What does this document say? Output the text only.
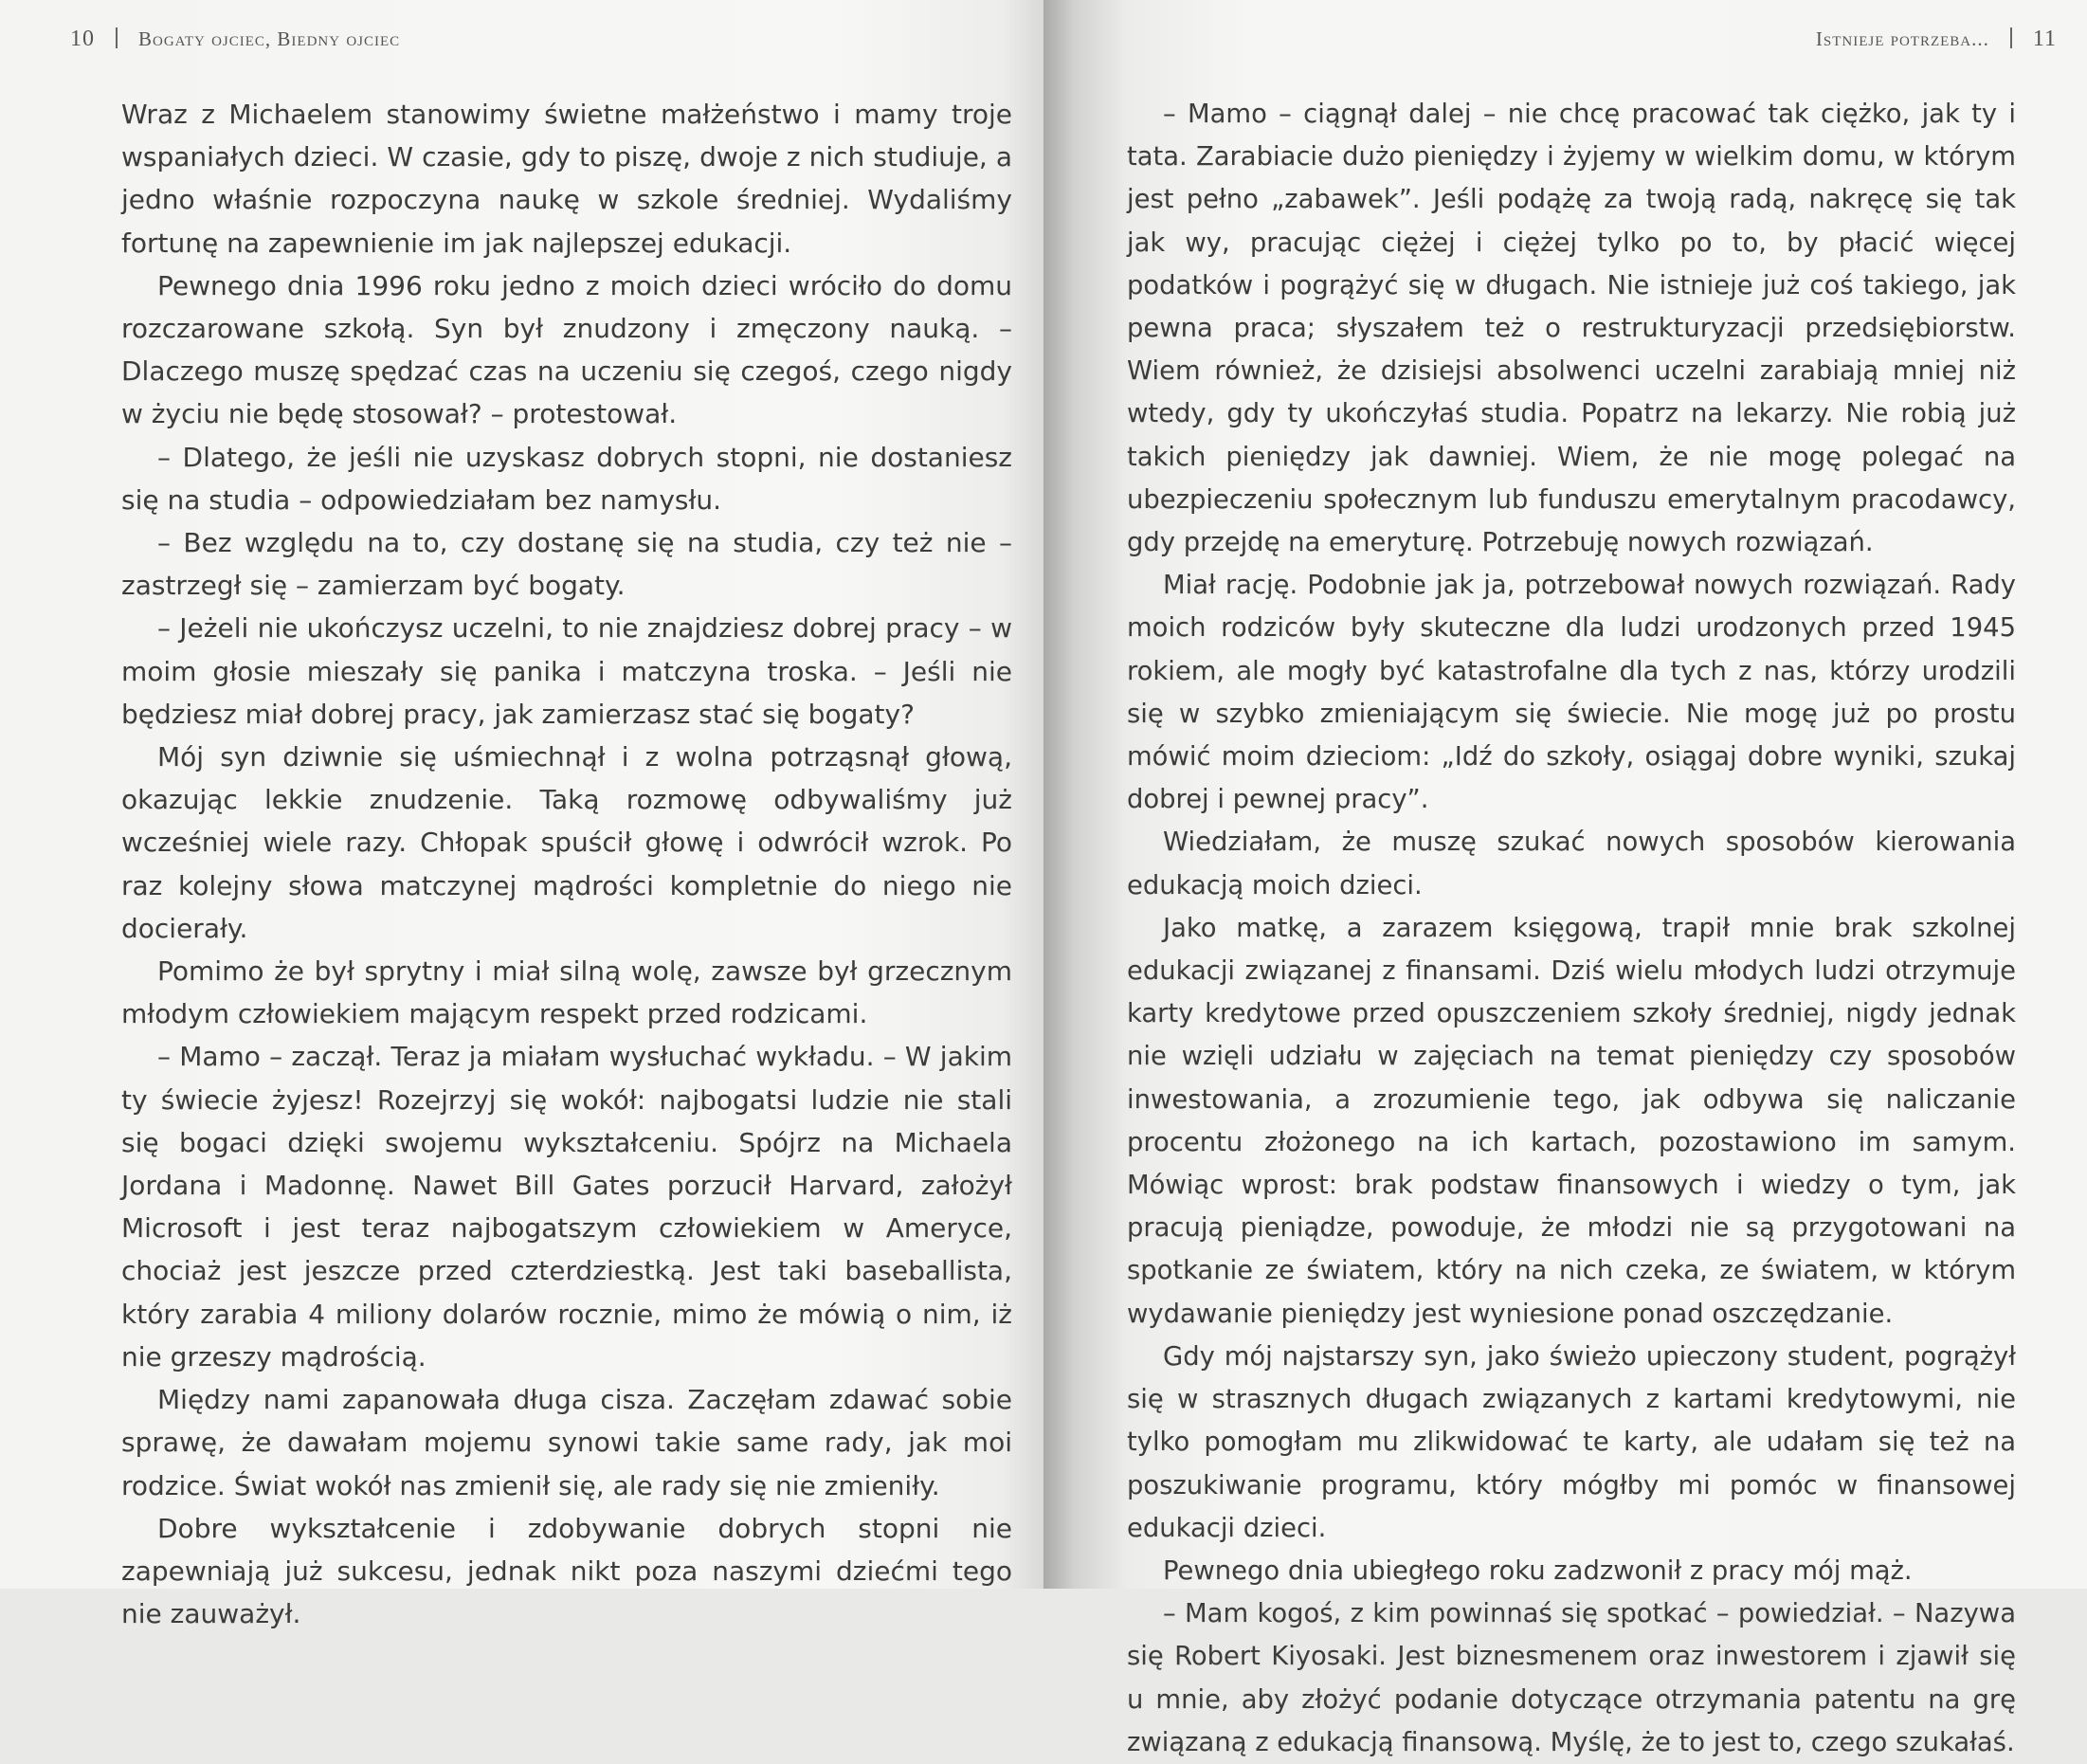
10 Bogaty ojciec, Biedny ojciec

Wraz z Michaelem stanowimy świetne małżeństwo i mamy troje wspaniałych dzieci. W czasie, gdy to piszę, dwoje z nich studiuje, a jedno właśnie rozpoczyna naukę w szkole średniej. Wydaliśmy fortunę na zapewnienie im jak najlepszej edukacji.

Pewnego dnia 1996 roku jedno z moich dzieci wróciło do domu rozczarowane szkołą. Syn był znudzony i zmęczony nauką. – Dlaczego muszę spędzać czas na uczeniu się czegoś, czego nigdy w życiu nie będę stosował? – protestował.

– Dlatego, że jeśli nie uzyskasz dobrych stopni, nie dostaniesz się na studia – odpowiedziałam bez namysłu.

– Bez względu na to, czy dostanę się na studia, czy też nie – zastrzegł się – zamierzam być bogaty.

– Jeżeli nie ukończysz uczelni, to nie znajdziesz dobrej pracy – w moim głosie mieszały się panika i matczyna troska. – Jeśli nie będziesz miał dobrej pracy, jak zamierzasz stać się bogaty?

Mój syn dziwnie się uśmiechnął i z wolna potrząsnął głową, okazując lekkie znudzenie. Taką rozmowę odbywaliśmy już wcześniej wiele razy. Chłopak spuścił głowę i odwrócił wzrok. Po raz kolejny słowa matczynej mądrości kompletnie do niego nie docierały.

Pomimo że był sprytny i miał silną wolę, zawsze był grzecznym młodym człowiekiem mającym respekt przed rodzicami.

– Mamo – zaczął. Teraz ja miałam wysłuchać wykładu. – W jakim ty świecie żyjesz! Rozejrzyj się wokół: najbogatsi ludzie nie stali się bogaci dzięki swojemu wykształceniu. Spójrz na Michaela Jordana i Madonnę. Nawet Bill Gates porzucił Harvard, założył Microsoft i jest teraz najbogatszym człowiekiem w Ameryce, chociaż jest jeszcze przed czterdziestką. Jest taki baseballista, który zarabia 4 miliony dolarów rocznie, mimo że mówią o nim, iż nie grzeszy mądrością.

Między nami zapanowała długa cisza. Zaczęłam zdawać sobie sprawę, że dawałam mojemu synowi takie same rady, jak moi rodzice. Świat wokół nas zmienił się, ale rady się nie zmieniły.

Dobre wykształcenie i zdobywanie dobrych stopni nie zapewniają już sukcesu, jednak nikt poza naszymi dziećmi tego nie zauważył.

Istnieje potrzeba... 11

– Mamo – ciągnął dalej – nie chcę pracować tak ciężko, jak ty i tata. Zarabiacie dużo pieniędzy i żyjemy w wielkim domu, w którym jest pełno „zabawek”. Jeśli podążę za twoją radą, nakręcę się tak jak wy, pracując ciężej i ciężej tylko po to, by płacić więcej podatków i pogrążyć się w długach. Nie istnieje już coś takiego, jak pewna praca; słyszałem też o restrukturyzacji przedsiębiorstw. Wiem również, że dzisiejsi absolwenci uczelni zarabiają mniej niż wtedy, gdy ty ukończyłaś studia. Popatrz na lekarzy. Nie robią już takich pieniędzy jak dawniej. Wiem, że nie mogę polegać na ubezpieczeniu społecznym lub funduszu emerytalnym pracodawcy, gdy przejdę na emeryturę. Potrzebuję nowych rozwiązań.

Miał rację. Podobnie jak ja, potrzebował nowych rozwiązań. Rady moich rodziców były skuteczne dla ludzi urodzonych przed 1945 rokiem, ale mogły być katastrofalne dla tych z nas, którzy urodzili się w szybko zmieniającym się świecie. Nie mogę już po prostu mówić moim dzieciom: „Idź do szkoły, osiągaj dobre wyniki, szukaj dobrej i pewnej pracy”.

Wiedziałam, że muszę szukać nowych sposobów kierowania edukacją moich dzieci.

Jako matkę, a zarazem księgową, trapił mnie brak szkolnej edukacji związanej z finansami. Dziś wielu młodych ludzi otrzymuje karty kredytowe przed opuszczeniem szkoły średniej, nigdy jednak nie wzięli udziału w zajęciach na temat pieniędzy czy sposobów inwestowania, a zrozumienie tego, jak odbywa się naliczanie procentu złożonego na ich kartach, pozostawiono im samym. Mówiąc wprost: brak podstaw finansowych i wiedzy o tym, jak pracują pieniądze, powoduje, że młodzi nie są przygotowani na spotkanie ze światem, który na nich czeka, ze światem, w którym wydawanie pieniędzy jest wyniesione ponad oszczędzanie.

Gdy mój najstarszy syn, jako świeżo upieczony student, pogrążył się w strasznych długach związanych z kartami kredytowymi, nie tylko pomogłam mu zlikwidować te karty, ale udałam się też na poszukiwanie programu, który mógłby mi pomóc w finansowej edukacji dzieci.

Pewnego dnia ubiegłego roku zadzwonił z pracy mój mąż.

– Mam kogoś, z kim powinnaś się spotkać – powiedział. – Nazywa się Robert Kiyosaki. Jest biznesmenem oraz inwestorem i zjawił się u mnie, aby złożyć podanie dotyczące otrzymania patentu na grę związaną z edukacją finansową. Myślę, że to jest to, czego szukałaś.
